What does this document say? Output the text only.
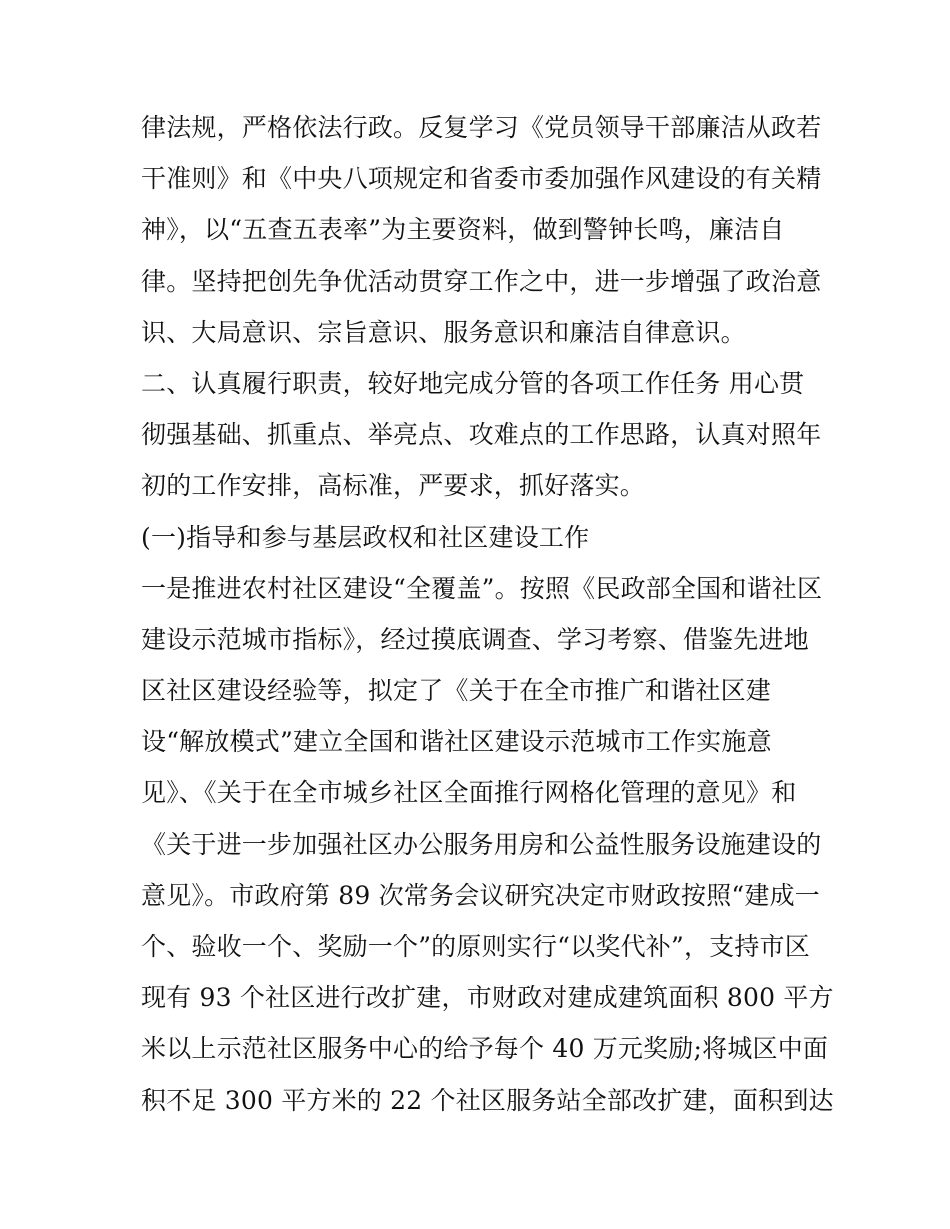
律法规，严格依法行政。反复学习《党员领导干部廉洁从政若
干准则》和《中央八项规定和省委市委加强作风建设的有关精
神》，以“五查五表率”为主要资料，做到警钟长鸣，廉洁自
律。坚持把创先争优活动贯穿工作之中，进一步增强了政治意
识、大局意识、宗旨意识、服务意识和廉洁自律意识。
二、认真履行职责，较好地完成分管的各项工作任务 用心贯
彻强基础、抓重点、举亮点、攻难点的工作思路，认真对照年
初的工作安排，高标准，严要求，抓好落实。
(一)指导和参与基层政权和社区建设工作
一是推进农村社区建设“全覆盖”。按照《民政部全国和谐社区
建设示范城市指标》，经过摸底调查、学习考察、借鉴先进地
区社区建设经验等，拟定了《关于在全市推广和谐社区建
设“解放模式”建立全国和谐社区建设示范城市工作实施意
见》、《关于在全市城乡社区全面推行网格化管理的意见》和
《关于进一步加强社区办公服务用房和公益性服务设施建设的
意见》。市政府第 89 次常务会议研究决定市财政按照“建成一
个、验收一个、奖励一个”的原则实行“以奖代补”，支持市区
现有 93 个社区进行改扩建，市财政对建成建筑面积 800 平方
米以上示范社区服务中心的给予每个 40 万元奖励;将城区中面
积不足 300 平方米的 22 个社区服务站全部改扩建，面积到达
